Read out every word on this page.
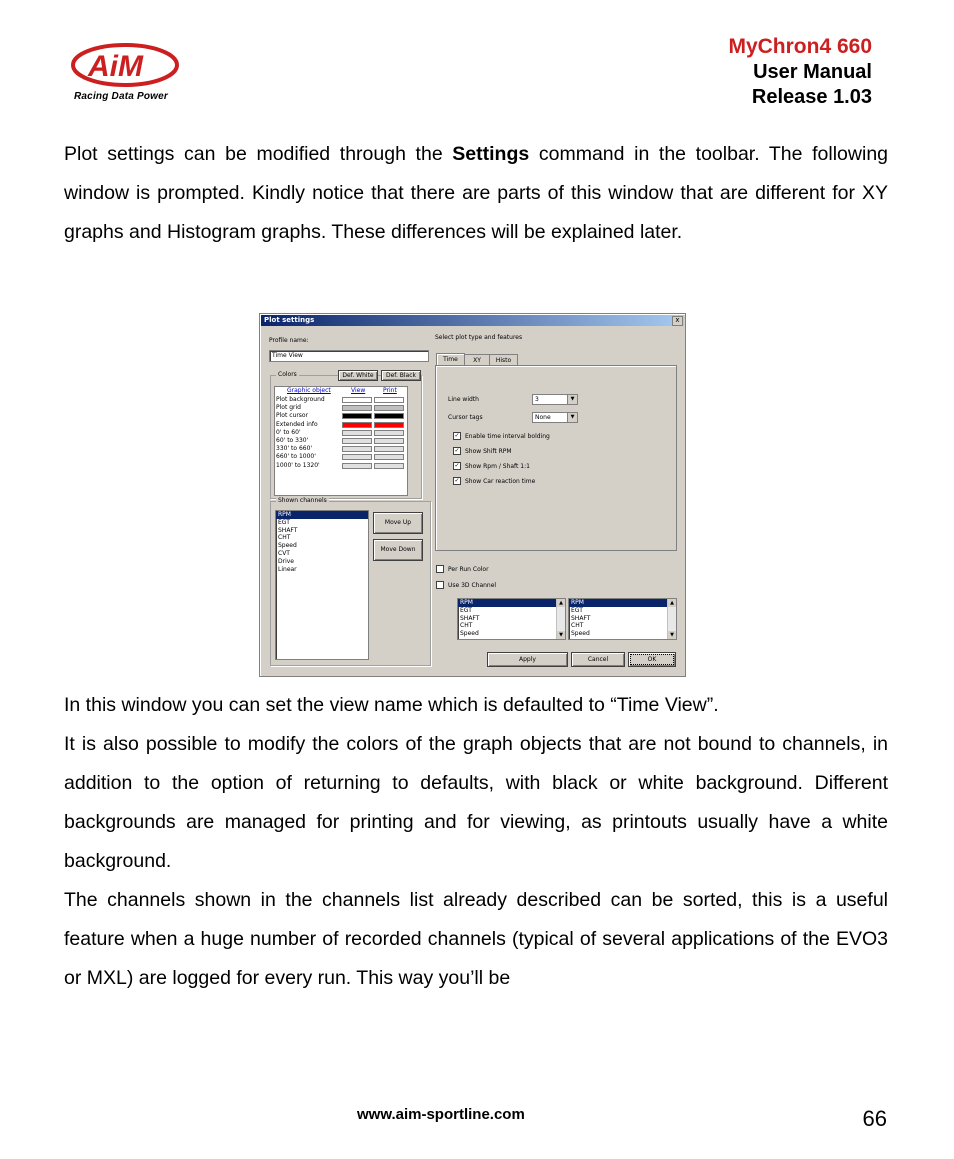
AiM
Racing Data Power
MyChron4 660
User Manual
Release 1.03
Plot settings can be modified through the Settings command in the toolbar. The following window is prompted. Kindly notice that there are parts of this window that are different for XY graphs and Histogram graphs. These differences will be explained later.
Plot settings	x
Profile name:
Time View
Colors	Def. White	Def. Black
Graphic object	View	Print
Plot background
Plot grid
Plot cursor
Extended info
0' to 60'
60' to 330'
330' to 660'
660' to 1000'
1000' to 1320'
Shown channels
RPM
EGT
SHAFT
CHT
Speed
CVT
Drive
Linear
Move Up
Move Down
Select plot type and features
Time	XY	Histo
Line width	3	▼
Cursor tags	None	▼
✓ Enable time interval bolding
✓ Show Shift RPM
✓ Show Rpm / Shaft 1:1
✓ Show Car reaction time
Per Run Color
Use 3D Channel
RPM
EGT
SHAFT
CHT
Speed
▲
▼
RPM
EGT
SHAFT
CHT
Speed
▲
▼
Apply	Cancel	OK
In this window you can set the view name which is defaulted to “Time View”.
It is also possible to modify the colors of the graph objects that are not bound to channels, in addition to the option of returning to defaults, with black or white background. Different backgrounds are managed for printing and for viewing, as printouts usually have a white background.
The channels shown in the channels list already described can be sorted, this is a useful feature when a huge number of recorded channels (typical of several applications of the EVO3 or MXL) are logged for every run. This way you’ll be
www.aim-sportline.com	66
